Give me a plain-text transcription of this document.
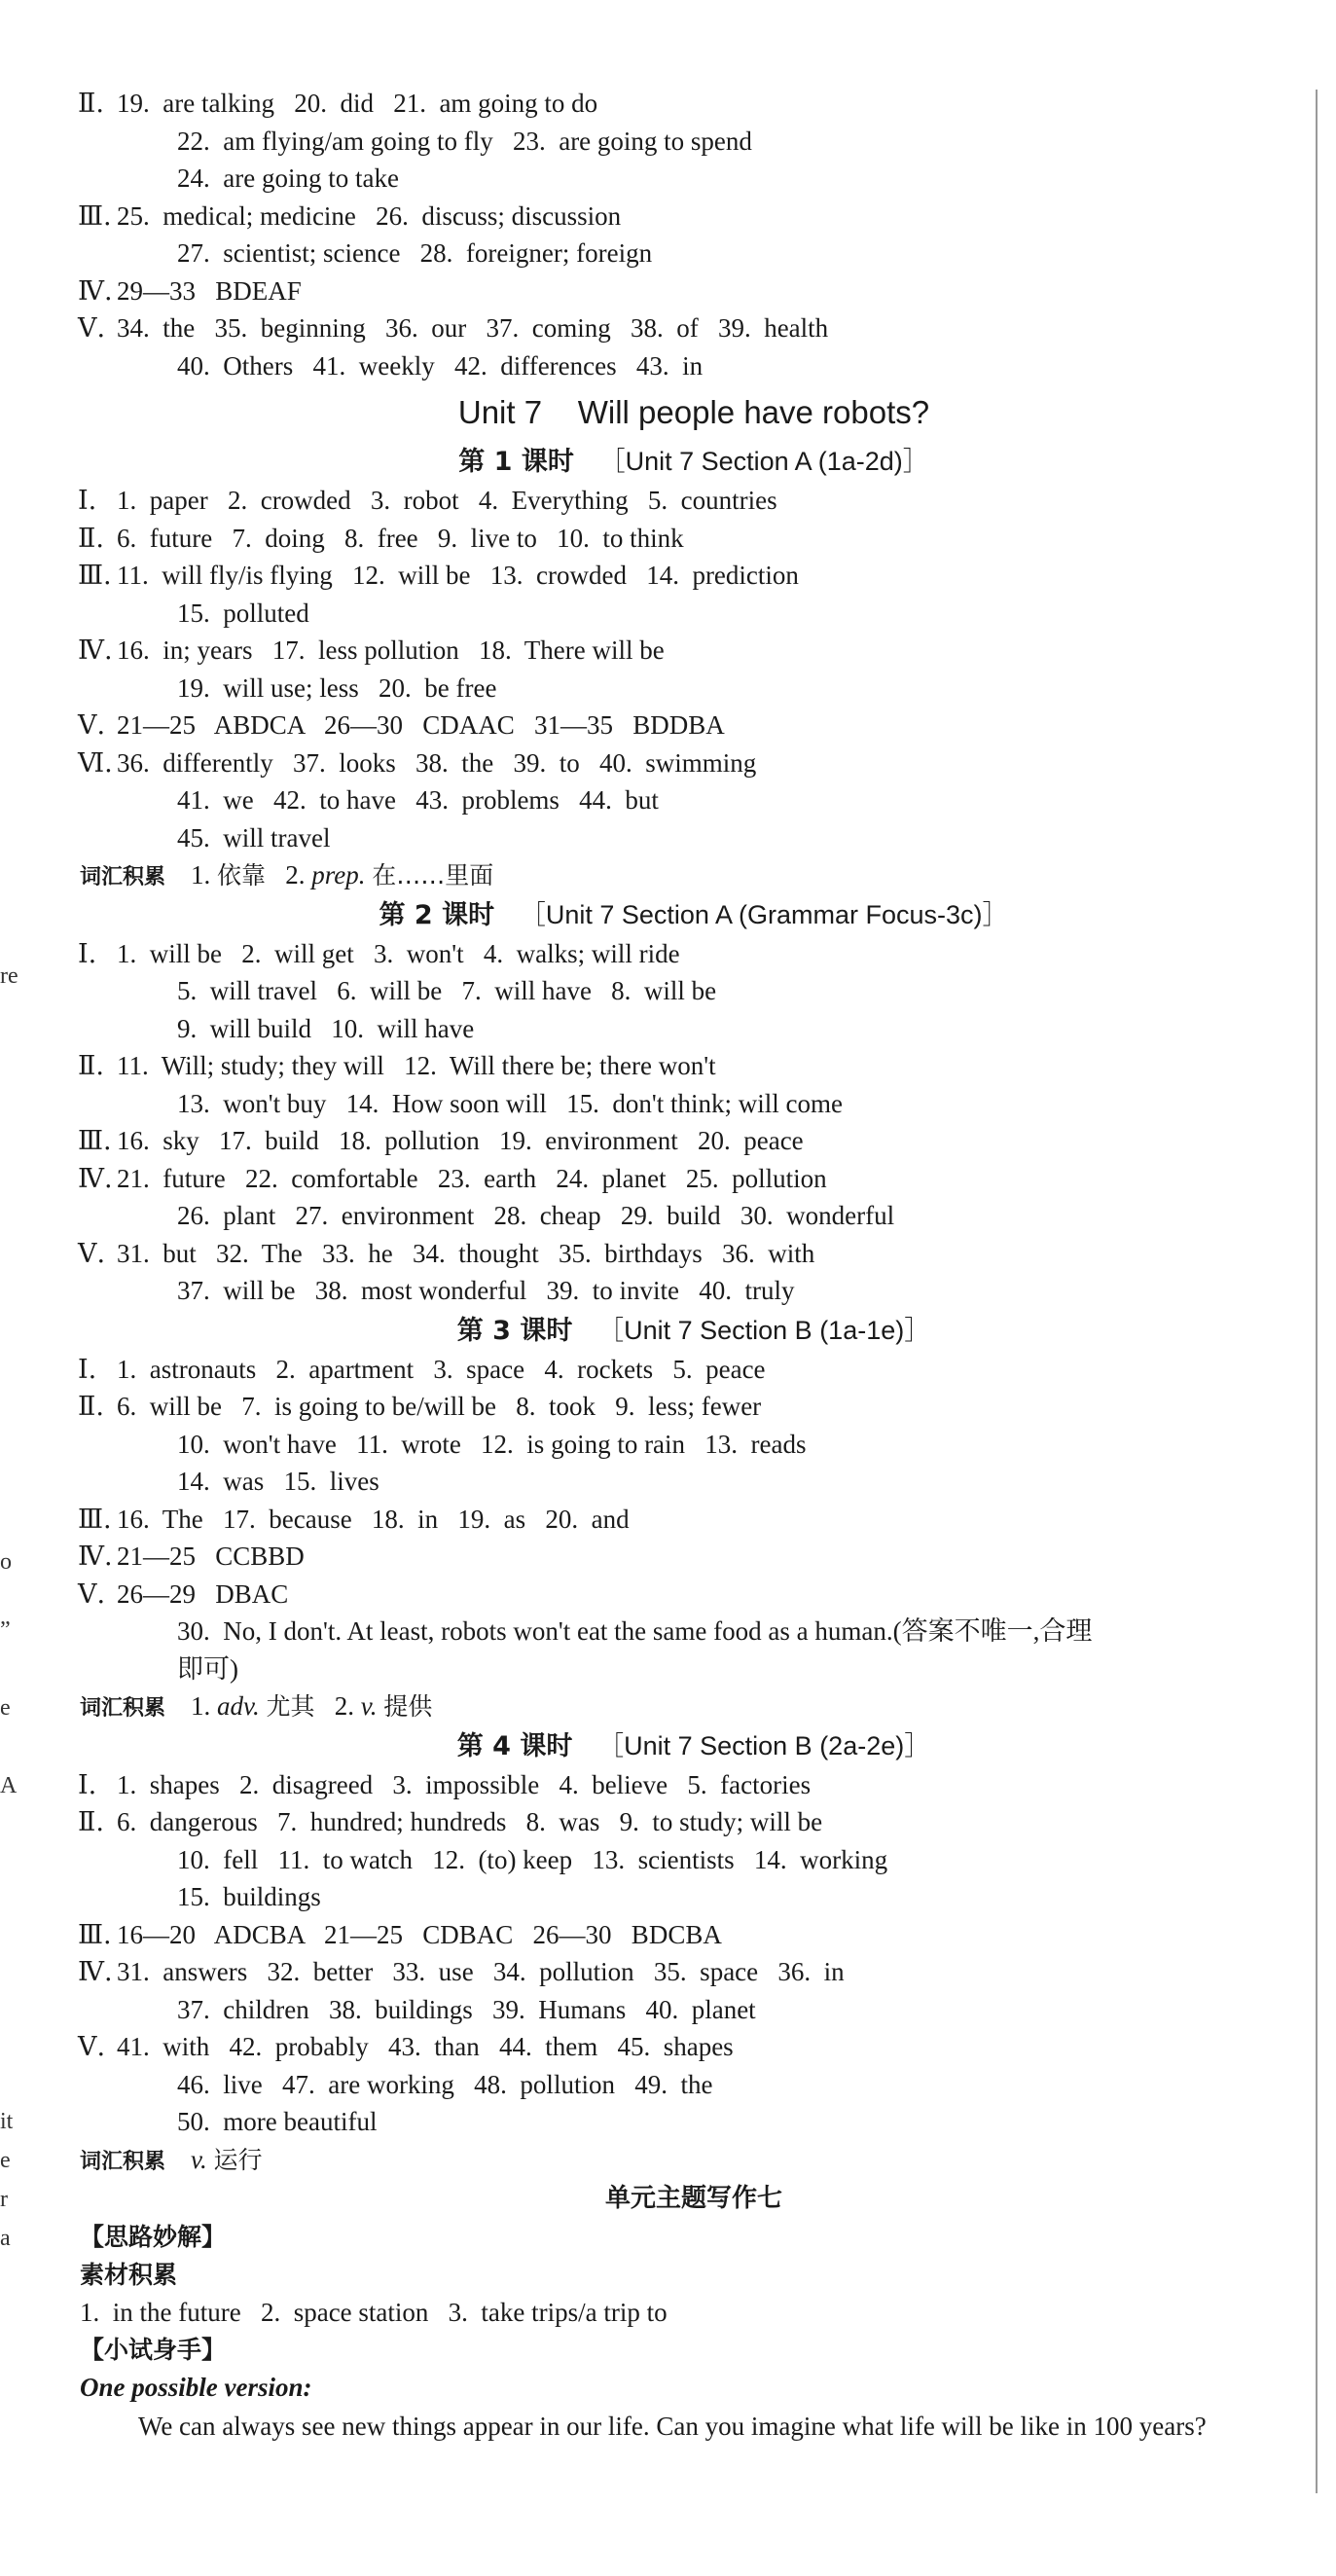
re
o
”
e
A
it
e
r
a
Ⅱ. 19.  are talking   20.  did   21.  am going to do
22.  am flying/am going to fly   23.  are going to spend
24.  are going to take
Ⅲ. 25.  medical; medicine   26.  discuss; discussion
27.  scientist; science   28.  foreigner; foreign
Ⅳ. 29—33   BDEAF
Ⅴ. 34.  the   35.  beginning   36.  our   37.  coming   38.  of   39.  health
40.  Others   41.  weekly   42.  differences   43.  in
Unit 7    Will people have robots?
第 1 课时 ［Unit 7 Section A (1a-2d)］
Ⅰ. 1.  paper   2.  crowded   3.  robot   4.  Everything   5.  countries
Ⅱ. 6.  future   7.  doing   8.  free   9.  live to   10.  to think
Ⅲ. 11.  will fly/is flying   12.  will be   13.  crowded   14.  prediction
15.  polluted
Ⅳ. 16.  in; years   17.  less pollution   18.  There will be
19.  will use; less   20.  be free
Ⅴ. 21—25   ABDCA   26—30   CDAAC   31—35   BDDBA
Ⅵ. 36.  differently   37.  looks   38.  the   39.  to   40.  swimming
41.  we   42.  to have   43.  problems   44.  but
45.  will travel
词汇积累 1. 依靠   2. prep. 在……里面
第 2 课时 ［Unit 7 Section A (Grammar Focus-3c)］
Ⅰ. 1.  will be   2.  will get   3.  won't   4.  walks; will ride
5.  will travel   6.  will be   7.  will have   8.  will be
9.  will build   10.  will have
Ⅱ. 11.  Will; study; they will   12.  Will there be; there won't
13.  won't buy   14.  How soon will   15.  don't think; will come
Ⅲ. 16.  sky   17.  build   18.  pollution   19.  environment   20.  peace
Ⅳ. 21.  future   22.  comfortable   23.  earth   24.  planet   25.  pollution
26.  plant   27.  environment   28.  cheap   29.  build   30.  wonderful
Ⅴ. 31.  but   32.  The   33.  he   34.  thought   35.  birthdays   36.  with
37.  will be   38.  most wonderful   39.  to invite   40.  truly
第 3 课时 ［Unit 7 Section B (1a-1e)］
Ⅰ. 1.  astronauts   2.  apartment   3.  space   4.  rockets   5.  peace
Ⅱ. 6.  will be   7.  is going to be/will be   8.  took   9.  less; fewer
10.  won't have   11.  wrote   12.  is going to rain   13.  reads
14.  was   15.  lives
Ⅲ. 16.  The   17.  because   18.  in   19.  as   20.  and
Ⅳ. 21—25   CCBBD
Ⅴ. 26—29   DBAC
30.  No, I don't. At least, robots won't eat the same food as a human.(答案不唯一,合理
即可)
词汇积累 1. adv. 尤其   2. v. 提供
第 4 课时 ［Unit 7 Section B (2a-2e)］
Ⅰ. 1.  shapes   2.  disagreed   3.  impossible   4.  believe   5.  factories
Ⅱ. 6.  dangerous   7.  hundred; hundreds   8.  was   9.  to study; will be
10.  fell   11.  to watch   12.  (to) keep   13.  scientists   14.  working
15.  buildings
Ⅲ. 16—20   ADCBA   21—25   CDBAC   26—30   BDCBA
Ⅳ. 31.  answers   32.  better   33.  use   34.  pollution   35.  space   36.  in
37.  children   38.  buildings   39.  Humans   40.  planet
Ⅴ. 41.  with   42.  probably   43.  than   44.  them   45.  shapes
46.  live   47.  are working   48.  pollution   49.  the
50.  more beautiful
词汇积累 v. 运行
单元主题写作七
【思路妙解】
素材积累
1.  in the future   2.  space station   3.  take trips/a trip to
【小试身手】
One possible version:
We can always see new things appear in our life. Can you imagine what life will be like in 100 years?
